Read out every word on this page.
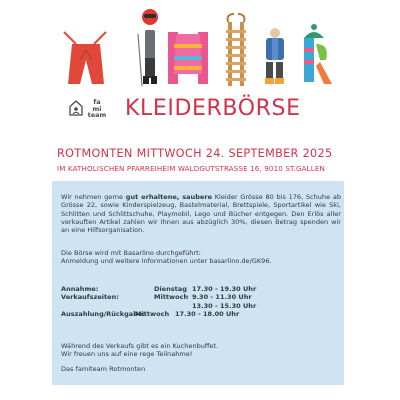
fa
mi
team KLEIDERBÖRSE
ROTMONTEN MITTWOCH 24. SEPTEMBER 2025
IM KATHOLISCHEN PFARREIHEIM WALDGUTSTRASSE 16, 9010 ST.GALLEN
Wir nehmen gerne gut erhaltene, saubere Kleider Grösse 80 bis 176, Schuhe ab Grösse 22, sowie Kinderspielzeug, Bastelmaterial, Brettspiele, Sportartikel wie Ski, Schlitten und Schlittschuhe, Playmobil, Lego und Bücher entgegen. Den Erlös aller verkauften Artikel zahlen wir Ihnen aus abzüglich 30%, diesen Betrag spenden wir an eine Hilfsorganisation.
Die Börse wird mit Basarlino durchgeführt:
Anmeldung und weitere Informationen unter basarlino.de/GK96.
Annahme:	Dienstag 17.30 - 19.30 Uhr
Verkaufszeiten:	Mittwoch 9.30 - 11.30 Uhr
13.30 - 15.30 Uhr
Auszahlung/Rückgabe:
Mittwoch 17.30 - 18.00 Uhr
Während des Verkaufs gibt es ein Kuchenbuffet.
Wir freuen uns auf eine rege Teilnahme!
Das famiteam Rotmonten
